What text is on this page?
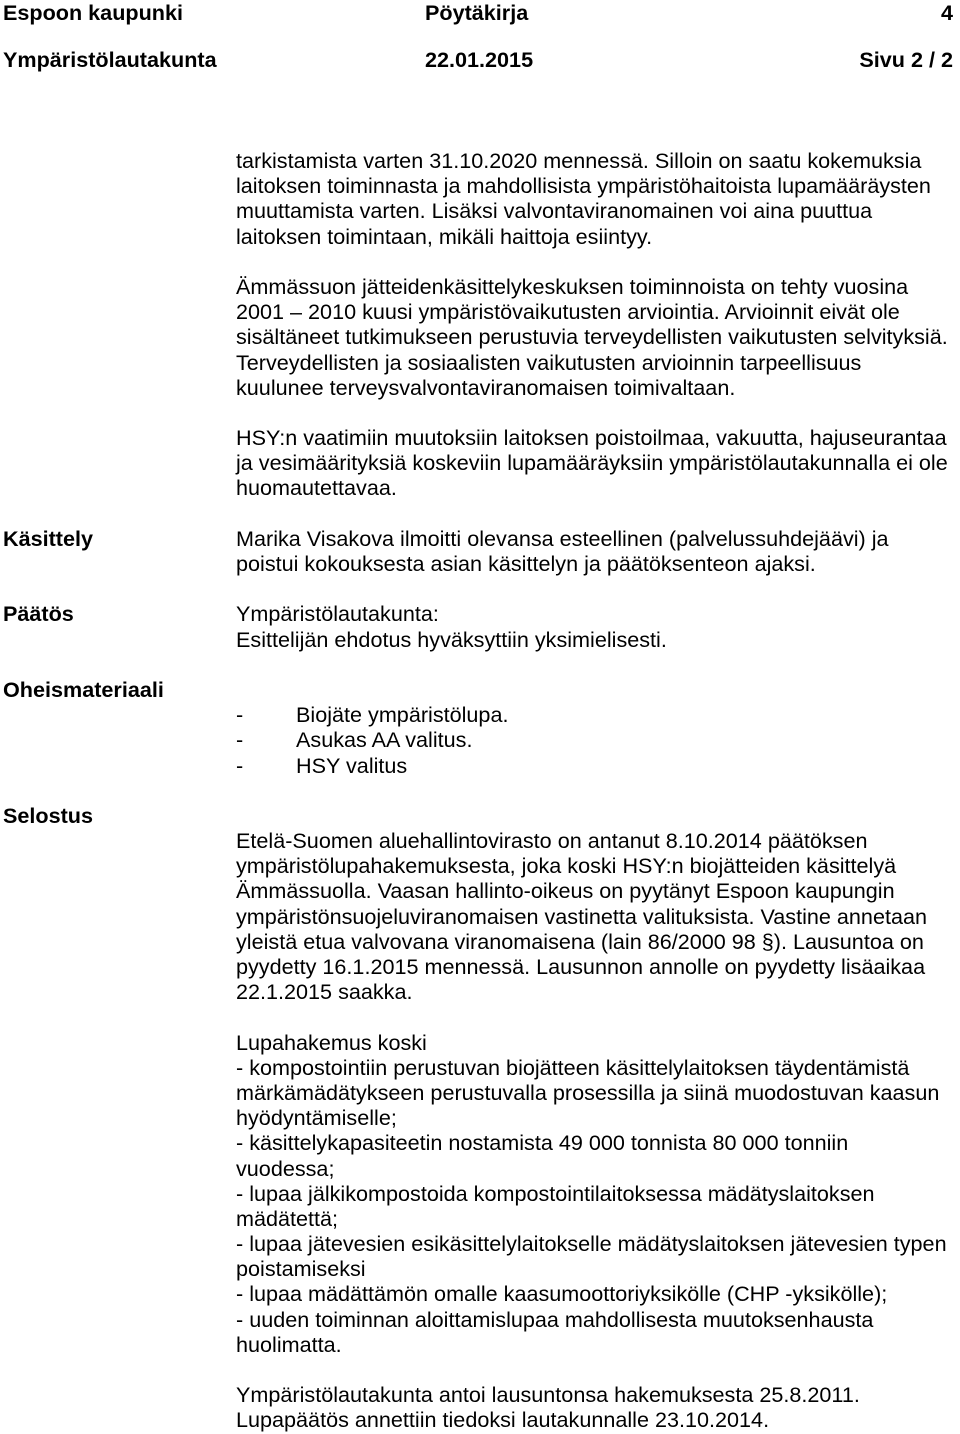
Espoon kaupunki	Pöytäkirja	4
Ympäristölautakunta	22.01.2015	Sivu 2 / 2
tarkistamista varten 31.10.2020 mennessä. Silloin on saatu kokemuksia
laitoksen toiminnasta ja mahdollisista ympäristöhaitoista lupamääräysten
muuttamista varten. Lisäksi valvontaviranomainen voi aina puuttua
laitoksen toimintaan, mikäli haittoja esiintyy.
Ämmässuon jätteidenkäsittelykeskuksen toiminnoista on tehty vuosina
2001 – 2010 kuusi ympäristövaikutusten arviointia. Arvioinnit eivät ole
sisältäneet tutkimukseen perustuvia terveydellisten vaikutusten selvityksiä.
Terveydellisten ja sosiaalisten vaikutusten arvioinnin tarpeellisuus
kuulunee terveysvalvontaviranomaisen toimivaltaan.
HSY:n vaatimiin muutoksiin laitoksen poistoilmaa, vakuutta, hajuseurantaa
ja vesimäärityksiä koskeviin lupamääräyksiin ympäristölautakunnalla ei ole
huomautettavaa.
Käsittely	Marika Visakova ilmoitti olevansa esteellinen (palvelussuhdejäävi) ja
poistui kokouksesta asian käsittelyn ja päätöksenteon ajaksi.
Päätös	Ympäristölautakunta:
Esittelijän ehdotus hyväksyttiin yksimielisesti.
Oheismateriaali
- Biojäte ympäristölupa.
- Asukas AA valitus.
- HSY valitus
Selostus
Etelä-Suomen aluehallintovirasto on antanut 8.10.2014 päätöksen
ympäristölupahakemuksesta, joka koski HSY:n biojätteiden käsittelyä
Ämmässuolla. Vaasan hallinto-oikeus on pyytänyt Espoon kaupungin
ympäristönsuojeluviranomaisen vastinetta valituksista. Vastine annetaan
yleistä etua valvovana viranomaisena (lain 86/2000 98 §). Lausuntoa on
pyydetty 16.1.2015 mennessä. Lausunnon annolle on pyydetty lisäaikaa
22.1.2015 saakka.
Lupahakemus koski
- kompostointiin perustuvan biojätteen käsittelylaitoksen täydentämistä
märkämädätykseen perustuvalla prosessilla ja siinä muodostuvan kaasun
hyödyntämiselle;
- käsittelykapasiteetin nostamista 49 000 tonnista 80 000 tonniin
vuodessa;
- lupaa jälkikompostoida kompostointilaitoksessa mädätyslaitoksen
mädätettä;
- lupaa jätevesien esikäsittelylaitokselle mädätyslaitoksen jätevesien typen
poistamiseksi
- lupaa mädättämön omalle kaasumoottoriyksikölle (CHP -yksikölle);
- uuden toiminnan aloittamislupaa mahdollisesta muutoksenhausta
huolimatta.
Ympäristölautakunta antoi lausuntonsa hakemuksesta 25.8.2011.
Lupapäätös annettiin tiedoksi lautakunnalle 23.10.2014.
